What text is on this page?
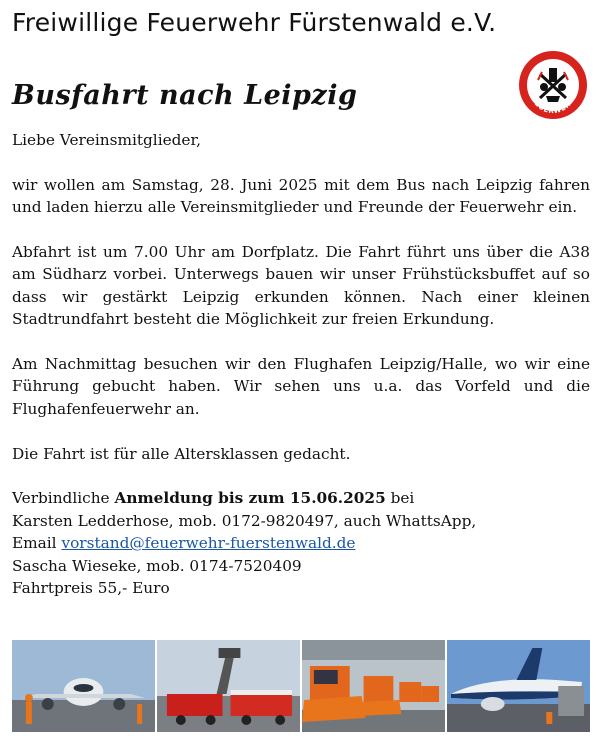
Freiwillige Feuerwehr Fürstenwald e.V.
FEUERWEHR
Busfahrt nach Leipzig

Liebe Vereinsmitglieder,

wir wollen am Samstag, 28. Juni 2025 mit dem Bus nach Leipzig fahren und laden hierzu alle Vereinsmitglieder und Freunde der Feuerwehr ein.

Abfahrt ist um 7.00 Uhr am Dorfplatz. Die Fahrt führt uns über die A38 am Südharz vorbei. Unterwegs bauen wir unser Frühstücksbuffet auf so dass wir gestärkt Leipzig erkunden können. Nach einer kleinen Stadtrundfahrt besteht die Möglichkeit zur freien Erkundung.

Am Nachmittag besuchen wir den Flughafen Leipzig/Halle, wo wir eine Führung gebucht haben. Wir sehen uns u.a. das Vorfeld und die Flughafenfeuerwehr an.

Die Fahrt ist für alle Altersklassen gedacht.

Verbindliche Anmeldung bis zum 15.06.2025 bei
Karsten Ledderhose, mob. 0172-9820497, auch WhattsApp,
Email vorstand@feuerwehr-fuerstenwald.de
Sascha Wieseke, mob. 0174-7520409
Fahrtpreis 55,- Euro
